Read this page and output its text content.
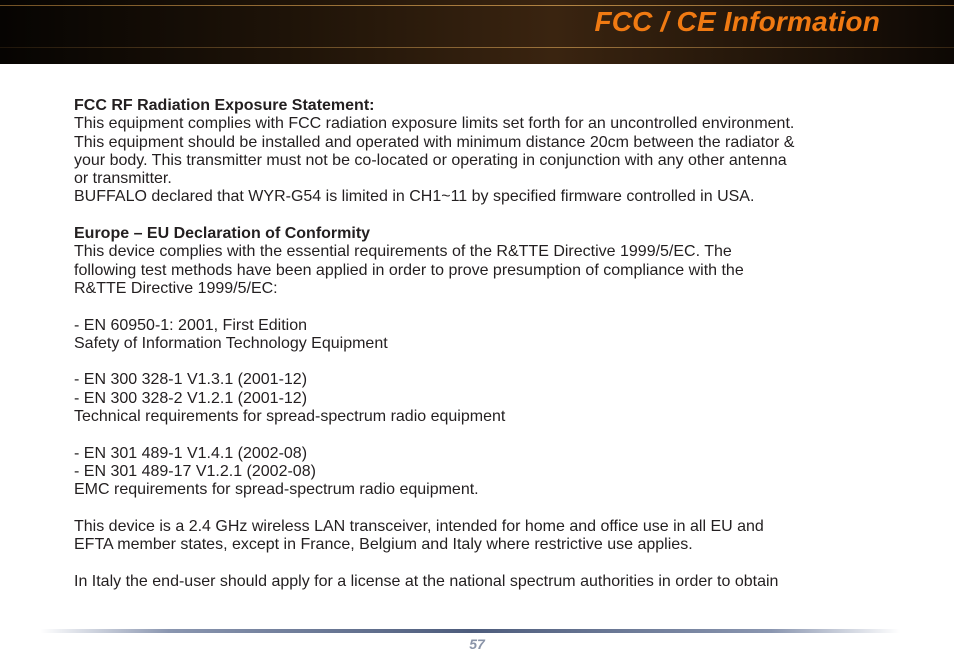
FCC / CE Information

FCC RF Radiation Exposure Statement:

This equipment complies with FCC radiation exposure limits set forth for an uncontrolled environment.

This equipment should be installed and operated with minimum distance 20cm between the radiator &

your body. This transmitter must not be co-located or operating in conjunction with any other antenna

or transmitter.

BUFFALO declared that WYR-G54 is limited in CH1~11 by specified firmware controlled in USA.

Europe – EU Declaration of Conformity

This device complies with the essential requirements of the R&TTE Directive 1999/5/EC. The

following test methods have been applied in order to prove presumption of compliance with the

R&TTE Directive 1999/5/EC:

- EN 60950-1: 2001, First Edition

Safety of Information Technology Equipment

- EN 300 328-1 V1.3.1 (2001-12)

- EN 300 328-2 V1.2.1 (2001-12)

Technical requirements for spread-spectrum radio equipment

- EN 301 489-1 V1.4.1 (2002-08)

- EN 301 489-17 V1.2.1 (2002-08)

EMC requirements for spread-spectrum radio equipment.

This device is a 2.4 GHz wireless LAN transceiver, intended for home and office use in all EU and

EFTA member states, except in France, Belgium and Italy where restrictive use applies.

In Italy the end-user should apply for a license at the national spectrum authorities in order to obtain

57
